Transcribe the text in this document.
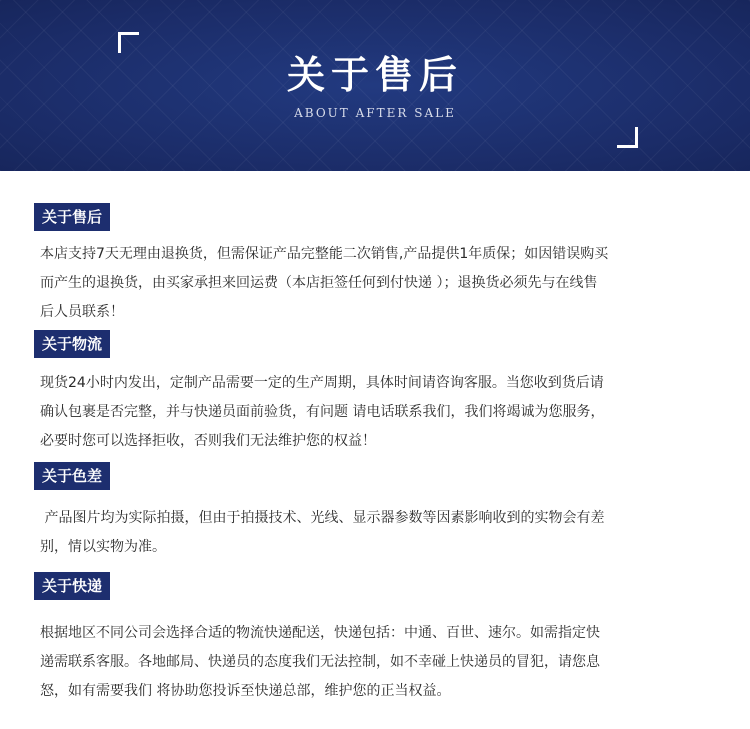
关于售后
ABOUT AFTER SALE
关于售后
本店支持7天无理由退换货，但需保证产品完整能二次销售,产品提供1年质保；如因错误购买
而产生的退换货，由买家承担来回运费（本店拒签任何到付快递 ）；退换货必须先与在线售
后人员联系！
关于物流
现货24小时内发出，定制产品需要一定的生产周期，具体时间请咨询客服。当您收到货后请
确认包裹是否完整，并与快递员面前验货，有问题 请电话联系我们，我们将竭诚为您服务，
必要时您可以选择拒收，否则我们无法维护您的权益！
关于色差
产品图片均为实际拍摄，但由于拍摄技术、光线、显示器参数等因素影响收到的实物会有差
别，情以实物为准。
关于快递
根据地区不同公司会选择合适的物流快递配送，快递包括：中通、百世、速尔。如需指定快
递需联系客服。各地邮局、快递员的态度我们无法控制，如不幸碰上快递员的冒犯，请您息
怒，如有需要我们 将协助您投诉至快递总部，维护您的正当权益。
